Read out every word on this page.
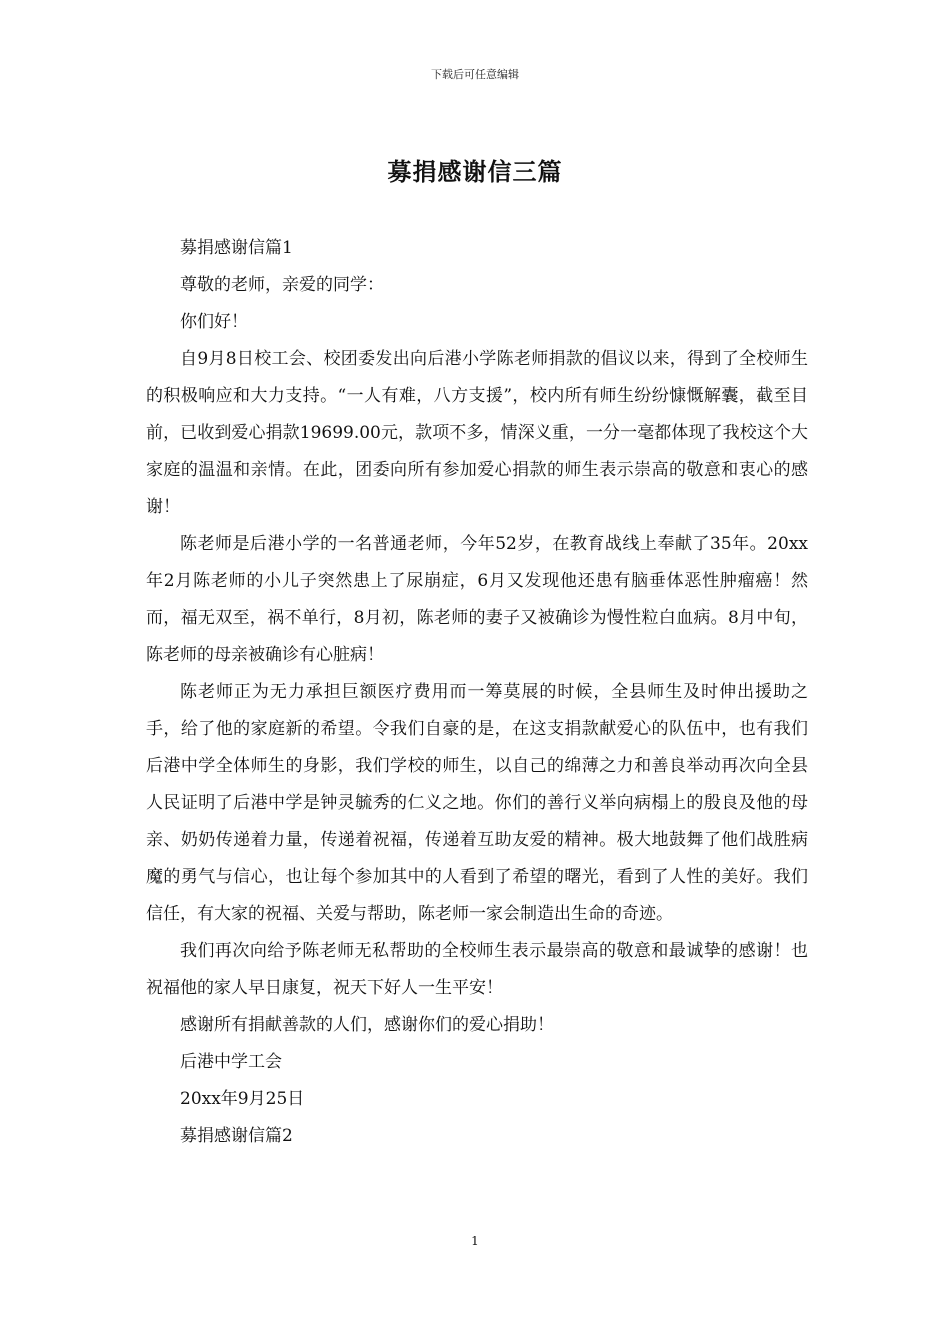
下载后可任意编辑
募捐感谢信三篇

募捐感谢信篇1

尊敬的老师，亲爱的同学：

你们好！

自9月8日校工会、校团委发出向后港小学陈老师捐款的倡议以来，得到了全校师生的积极响应和大力支持。“一人有难，八方支援”，校内所有师生纷纷慷慨解囊，截至目前，已收到爱心捐款19699.00元，款项不多，情深义重，一分一毫都体现了我校这个大家庭的温温和亲情。在此，团委向所有参加爱心捐款的师生表示崇高的敬意和衷心的感谢！

陈老师是后港小学的一名普通老师，今年52岁，在教育战线上奉献了35年。20xx年2月陈老师的小儿子突然患上了尿崩症，6月又发现他还患有脑垂体恶性肿瘤癌！然而，福无双至，祸不单行，8月初，陈老师的妻子又被确诊为慢性粒白血病。8月中旬，陈老师的母亲被确诊有心脏病！

陈老师正为无力承担巨额医疗费用而一筹莫展的时候，全县师生及时伸出援助之手，给了他的家庭新的希望。令我们自豪的是，在这支捐款献爱心的队伍中，也有我们后港中学全体师生的身影，我们学校的师生，以自己的绵薄之力和善良举动再次向全县人民证明了后港中学是钟灵毓秀的仁义之地。你们的善行义举向病榻上的殷良及他的母亲、奶奶传递着力量，传递着祝福，传递着互助友爱的精神。极大地鼓舞了他们战胜病魔的勇气与信心，也让每个参加其中的人看到了希望的曙光，看到了人性的美好。我们信任，有大家的祝福、关爱与帮助，陈老师一家会制造出生命的奇迹。

我们再次向给予陈老师无私帮助的全校师生表示最崇高的敬意和最诚挚的感谢！也祝福他的家人早日康复，祝天下好人一生平安！

感谢所有捐献善款的人们，感谢你们的爱心捐助！

后港中学工会

20xx年9月25日

募捐感谢信篇2

1
